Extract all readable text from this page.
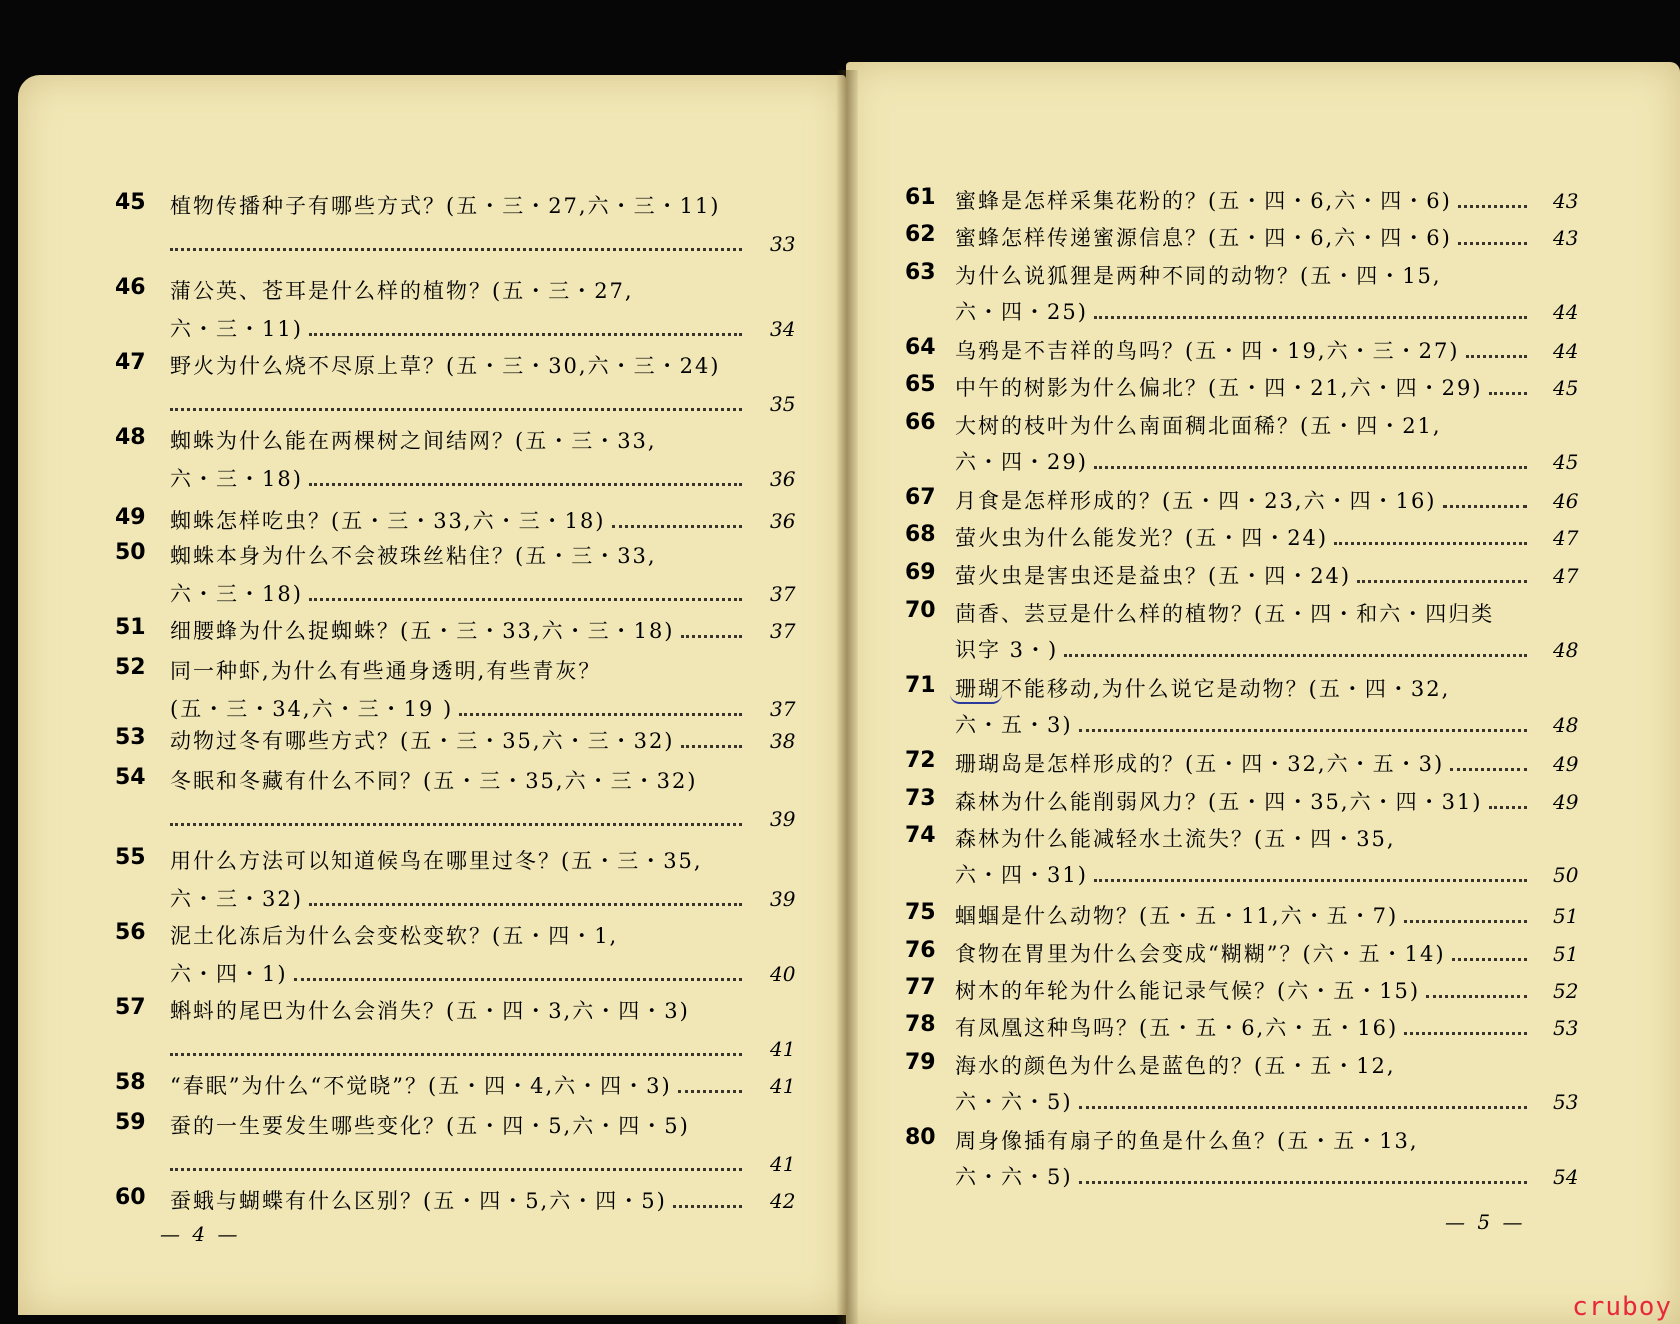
45 植物传播种子有哪些方式？(五・三・27,六・三・11)
33
46 蒲公英、苍耳是什么样的植物？(五・三・27,
六・三・11)	34
47 野火为什么烧不尽原上草？(五・三・30,六・三・24)
35
48 蜘蛛为什么能在两棵树之间结网？(五・三・33,
六・三・18)	36
49 蜘蛛怎样吃虫？(五・三・33,六・三・18)	36
50 蜘蛛本身为什么不会被珠丝粘住？(五・三・33,
六・三・18)	37
51 细腰蜂为什么捉蜘蛛？(五・三・33,六・三・18)	37
52 同一种虾,为什么有些通身透明,有些青灰？
(五・三・34,六・三・19 )	37
53 动物过冬有哪些方式？(五・三・35,六・三・32)	38
54 冬眠和冬藏有什么不同？(五・三・35,六・三・32)
39
55 用什么方法可以知道候鸟在哪里过冬？(五・三・35,
六・三・32)	39
56 泥土化冻后为什么会变松变软？(五・四・1,
六・四・1)	40
57 蝌蚪的尾巴为什么会消失？(五・四・3,六・四・3)
41
58 “春眠”为什么“不觉晓”？(五・四・4,六・四・3)	41
59 蚕的一生要发生哪些变化？(五・四・5,六・四・5)
41
60 蚕蛾与蝴蝶有什么区别？(五・四・5,六・四・5)	42
61 蜜蜂是怎样采集花粉的？(五・四・6,六・四・6)	43
62 蜜蜂怎样传递蜜源信息？(五・四・6,六・四・6)	43
63 为什么说狐狸是两种不同的动物？(五・四・15,
六・四・25)	44
64 乌鸦是不吉祥的鸟吗？(五・四・19,六・三・27)	44
65 中午的树影为什么偏北？(五・四・21,六・四・29)	45
66 大树的枝叶为什么南面稠北面稀？(五・四・21,
六・四・29)	45
67 月食是怎样形成的？(五・四・23,六・四・16)	46
68 萤火虫为什么能发光？(五・四・24)	47
69 萤火虫是害虫还是益虫？(五・四・24)	47
70 茴香、芸豆是什么样的植物？(五・四・和六・四归类
识字 3・)	48
71 珊瑚不能移动,为什么说它是动物？(五・四・32,
六・五・3)	48
72 珊瑚岛是怎样形成的？(五・四・32,六・五・3)	49
73 森林为什么能削弱风力？(五・四・35,六・四・31)	49
74 森林为什么能减轻水土流失？(五・四・35,
六・四・31)	50
75 蝈蝈是什么动物？(五・五・11,六・五・7)	51
76 食物在胃里为什么会变成“糊糊”？(六・五・14)	51
77 树木的年轮为什么能记录气候？(六・五・15)	52
78 有凤凰这种鸟吗？(五・五・6,六・五・16)	53
79 海水的颜色为什么是蓝色的？(五・五・12,
六・六・5)	53
80 周身像插有扇子的鱼是什么鱼？(五・五・13,
六・六・5)	54
— 4 —	— 5 —
cruboy
